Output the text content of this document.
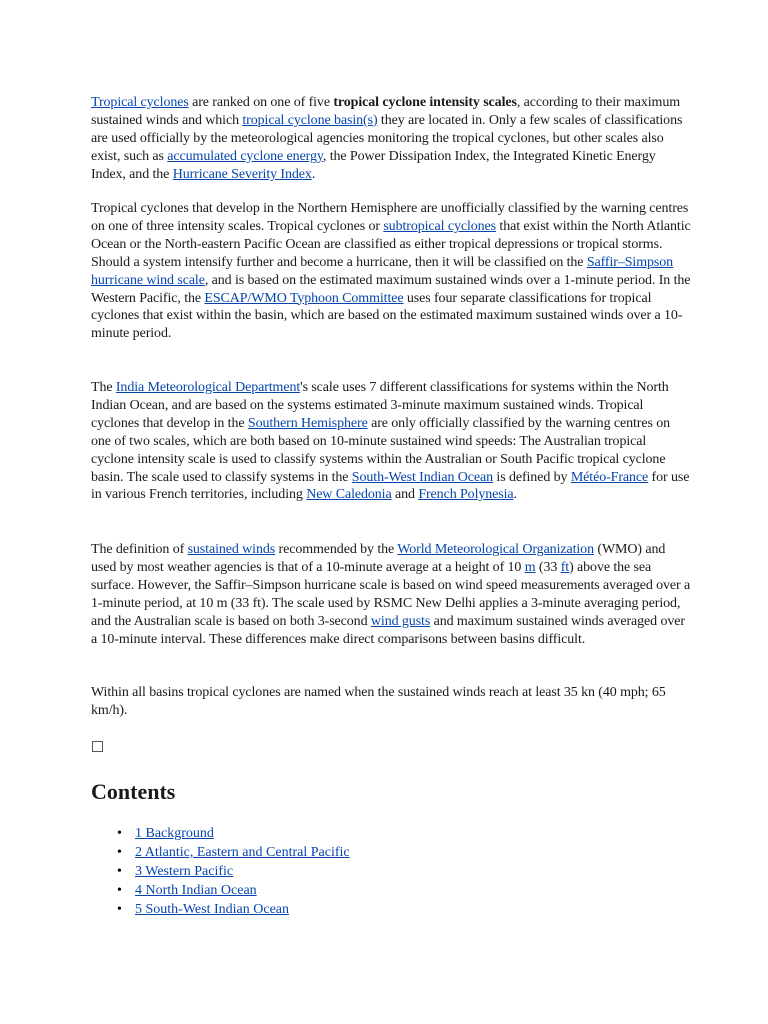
Tropical cyclones are ranked on one of five tropical cyclone intensity scales, according to their maximum sustained winds and which tropical cyclone basin(s) they are located in. Only a few scales of classifications are used officially by the meteorological agencies monitoring the tropical cyclones, but other scales also exist, such as accumulated cyclone energy, the Power Dissipation Index, the Integrated Kinetic Energy Index, and the Hurricane Severity Index.

Tropical cyclones that develop in the Northern Hemisphere are unofficially classified by the warning centres on one of three intensity scales. Tropical cyclones or subtropical cyclones that exist within the North Atlantic Ocean or the North-eastern Pacific Ocean are classified as either tropical depressions or tropical storms. Should a system intensify further and become a hurricane, then it will be classified on the Saffir–Simpson hurricane wind scale, and is based on the estimated maximum sustained winds over a 1-minute period. In the Western Pacific, the ESCAP/WMO Typhoon Committee uses four separate classifications for tropical cyclones that exist within the basin, which are based on the estimated maximum sustained winds over a 10-minute period.

The India Meteorological Department's scale uses 7 different classifications for systems within the North Indian Ocean, and are based on the systems estimated 3-minute maximum sustained winds. Tropical cyclones that develop in the Southern Hemisphere are only officially classified by the warning centres on one of two scales, which are both based on 10-minute sustained wind speeds: The Australian tropical cyclone intensity scale is used to classify systems within the Australian or South Pacific tropical cyclone basin. The scale used to classify systems in the South-West Indian Ocean is defined by Météo-France for use in various French territories, including New Caledonia and French Polynesia.

The definition of sustained winds recommended by the World Meteorological Organization (WMO) and used by most weather agencies is that of a 10-minute average at a height of 10 m (33 ft) above the sea surface. However, the Saffir–Simpson hurricane scale is based on wind speed measurements averaged over a 1-minute period, at 10 m (33 ft). The scale used by RSMC New Delhi applies a 3-minute averaging period, and the Australian scale is based on both 3-second wind gusts and maximum sustained winds averaged over a 10-minute interval. These differences make direct comparisons between basins difficult.

Within all basins tropical cyclones are named when the sustained winds reach at least 35 kn (40 mph; 65 km/h).

Contents
• 1 Background
• 2 Atlantic, Eastern and Central Pacific
• 3 Western Pacific
• 4 North Indian Ocean
• 5 South-West Indian Ocean
